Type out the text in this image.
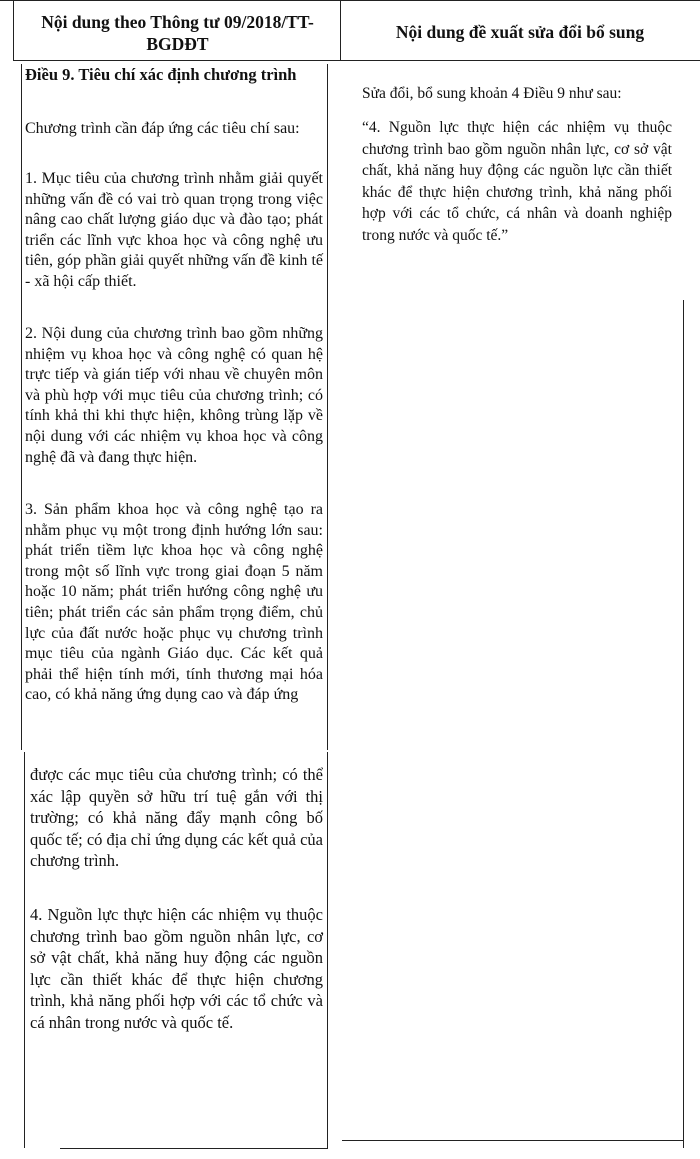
Nội dung theo Thông tư 09/2018/TT-BGDĐT
Nội dung đề xuất sửa đổi bổ sung

Điều 9. Tiêu chí xác định chương trình

Chương trình cần đáp ứng các tiêu chí sau:

1. Mục tiêu của chương trình nhằm giải quyết những vấn đề có vai trò quan trọng trong việc nâng cao chất lượng giáo dục và đào tạo; phát triển các lĩnh vực khoa học và công nghệ ưu tiên, góp phần giải quyết những vấn đề kinh tế - xã hội cấp thiết.

2. Nội dung của chương trình bao gồm những nhiệm vụ khoa học và công nghệ có quan hệ trực tiếp và gián tiếp với nhau về chuyên môn và phù hợp với mục tiêu của chương trình; có tính khả thi khi thực hiện, không trùng lặp về nội dung với các nhiệm vụ khoa học và công nghệ đã và đang thực hiện.

3. Sản phẩm khoa học và công nghệ tạo ra nhằm phục vụ một trong định hướng lớn sau: phát triển tiềm lực khoa học và công nghệ trong một số lĩnh vực trong giai đoạn 5 năm hoặc 10 năm; phát triển hướng công nghệ ưu tiên; phát triển các sản phẩm trọng điểm, chủ lực của đất nước hoặc phục vụ chương trình mục tiêu của ngành Giáo dục. Các kết quả phải thể hiện tính mới, tính thương mại hóa cao, có khả năng ứng dụng cao và đáp ứng

được các mục tiêu của chương trình; có thể xác lập quyền sở hữu trí tuệ gắn với thị trường; có khả năng đẩy mạnh công bố quốc tế; có địa chỉ ứng dụng các kết quả của chương trình.

4. Nguồn lực thực hiện các nhiệm vụ thuộc chương trình bao gồm nguồn nhân lực, cơ sở vật chất, khả năng huy động các nguồn lực cần thiết khác để thực hiện chương trình, khả năng phối hợp với các tổ chức và cá nhân trong nước và quốc tế.

Sửa đổi, bổ sung khoản 4 Điều 9 như sau:

“4. Nguồn lực thực hiện các nhiệm vụ thuộc chương trình bao gồm nguồn nhân lực, cơ sở vật chất, khả năng huy động các nguồn lực cần thiết khác để thực hiện chương trình, khả năng phối hợp với các tổ chức, cá nhân và doanh nghiệp trong nước và quốc tế.”
